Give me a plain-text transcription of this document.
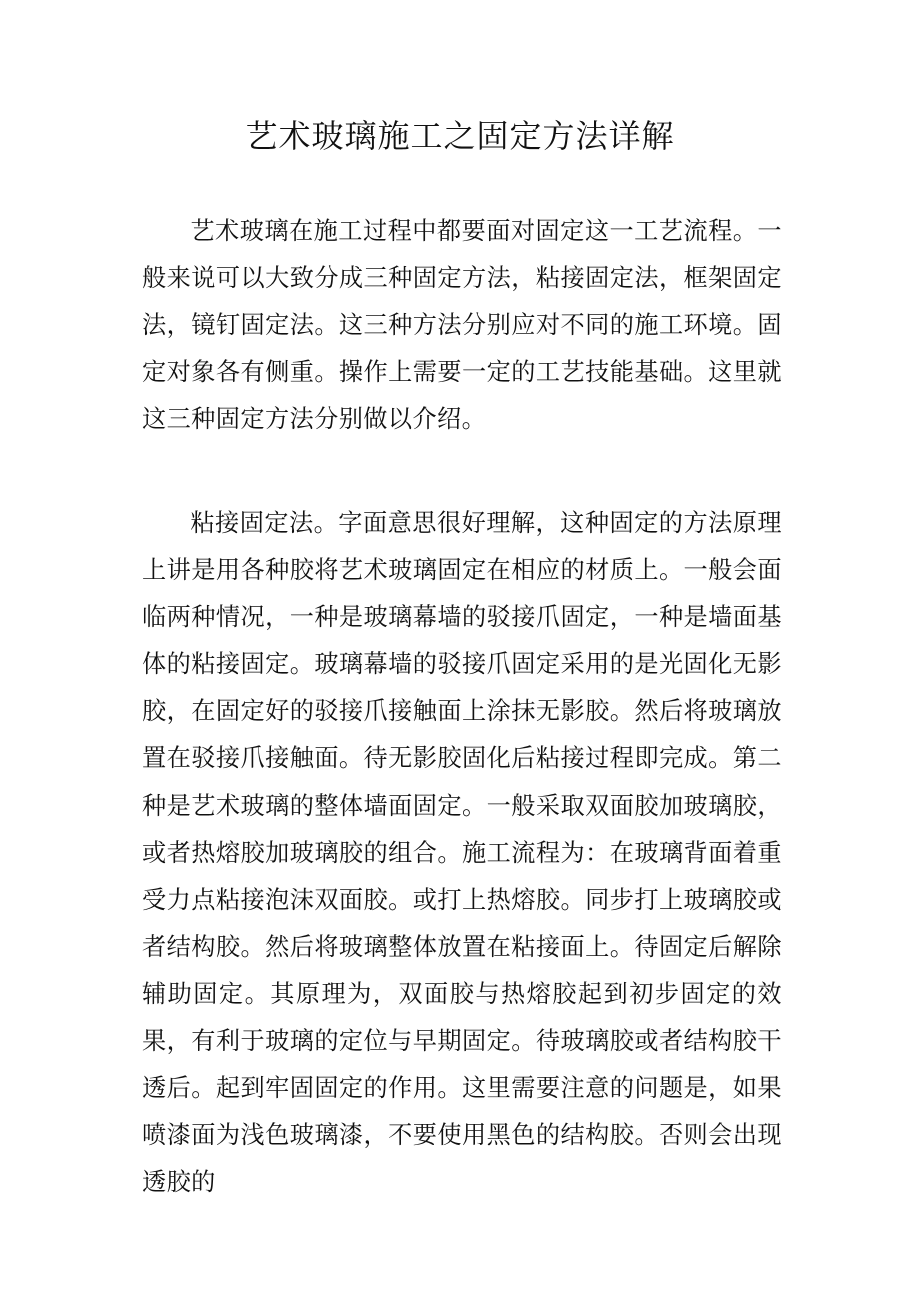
艺术玻璃施工之固定方法详解

艺术玻璃在施工过程中都要面对固定这一工艺流程。一般来说可以大致分成三种固定方法，粘接固定法，框架固定法，镜钉固定法。这三种方法分别应对不同的施工环境。固定对象各有侧重。操作上需要一定的工艺技能基础。这里就这三种固定方法分别做以介绍。

粘接固定法。字面意思很好理解，这种固定的方法原理上讲是用各种胶将艺术玻璃固定在相应的材质上。一般会面临两种情况，一种是玻璃幕墙的驳接爪固定，一种是墙面基体的粘接固定。玻璃幕墙的驳接爪固定采用的是光固化无影胶，在固定好的驳接爪接触面上涂抹无影胶。然后将玻璃放置在驳接爪接触面。待无影胶固化后粘接过程即完成。第二种是艺术玻璃的整体墙面固定。一般采取双面胶加玻璃胶，或者热熔胶加玻璃胶的组合。施工流程为：在玻璃背面着重受力点粘接泡沫双面胶。或打上热熔胶。同步打上玻璃胶或者结构胶。然后将玻璃整体放置在粘接面上。待固定后解除辅助固定。其原理为，双面胶与热熔胶起到初步固定的效果，有利于玻璃的定位与早期固定。待玻璃胶或者结构胶干透后。起到牢固固定的作用。这里需要注意的问题是，如果喷漆面为浅色玻璃漆，不要使用黑色的结构胶。否则会出现透胶的
